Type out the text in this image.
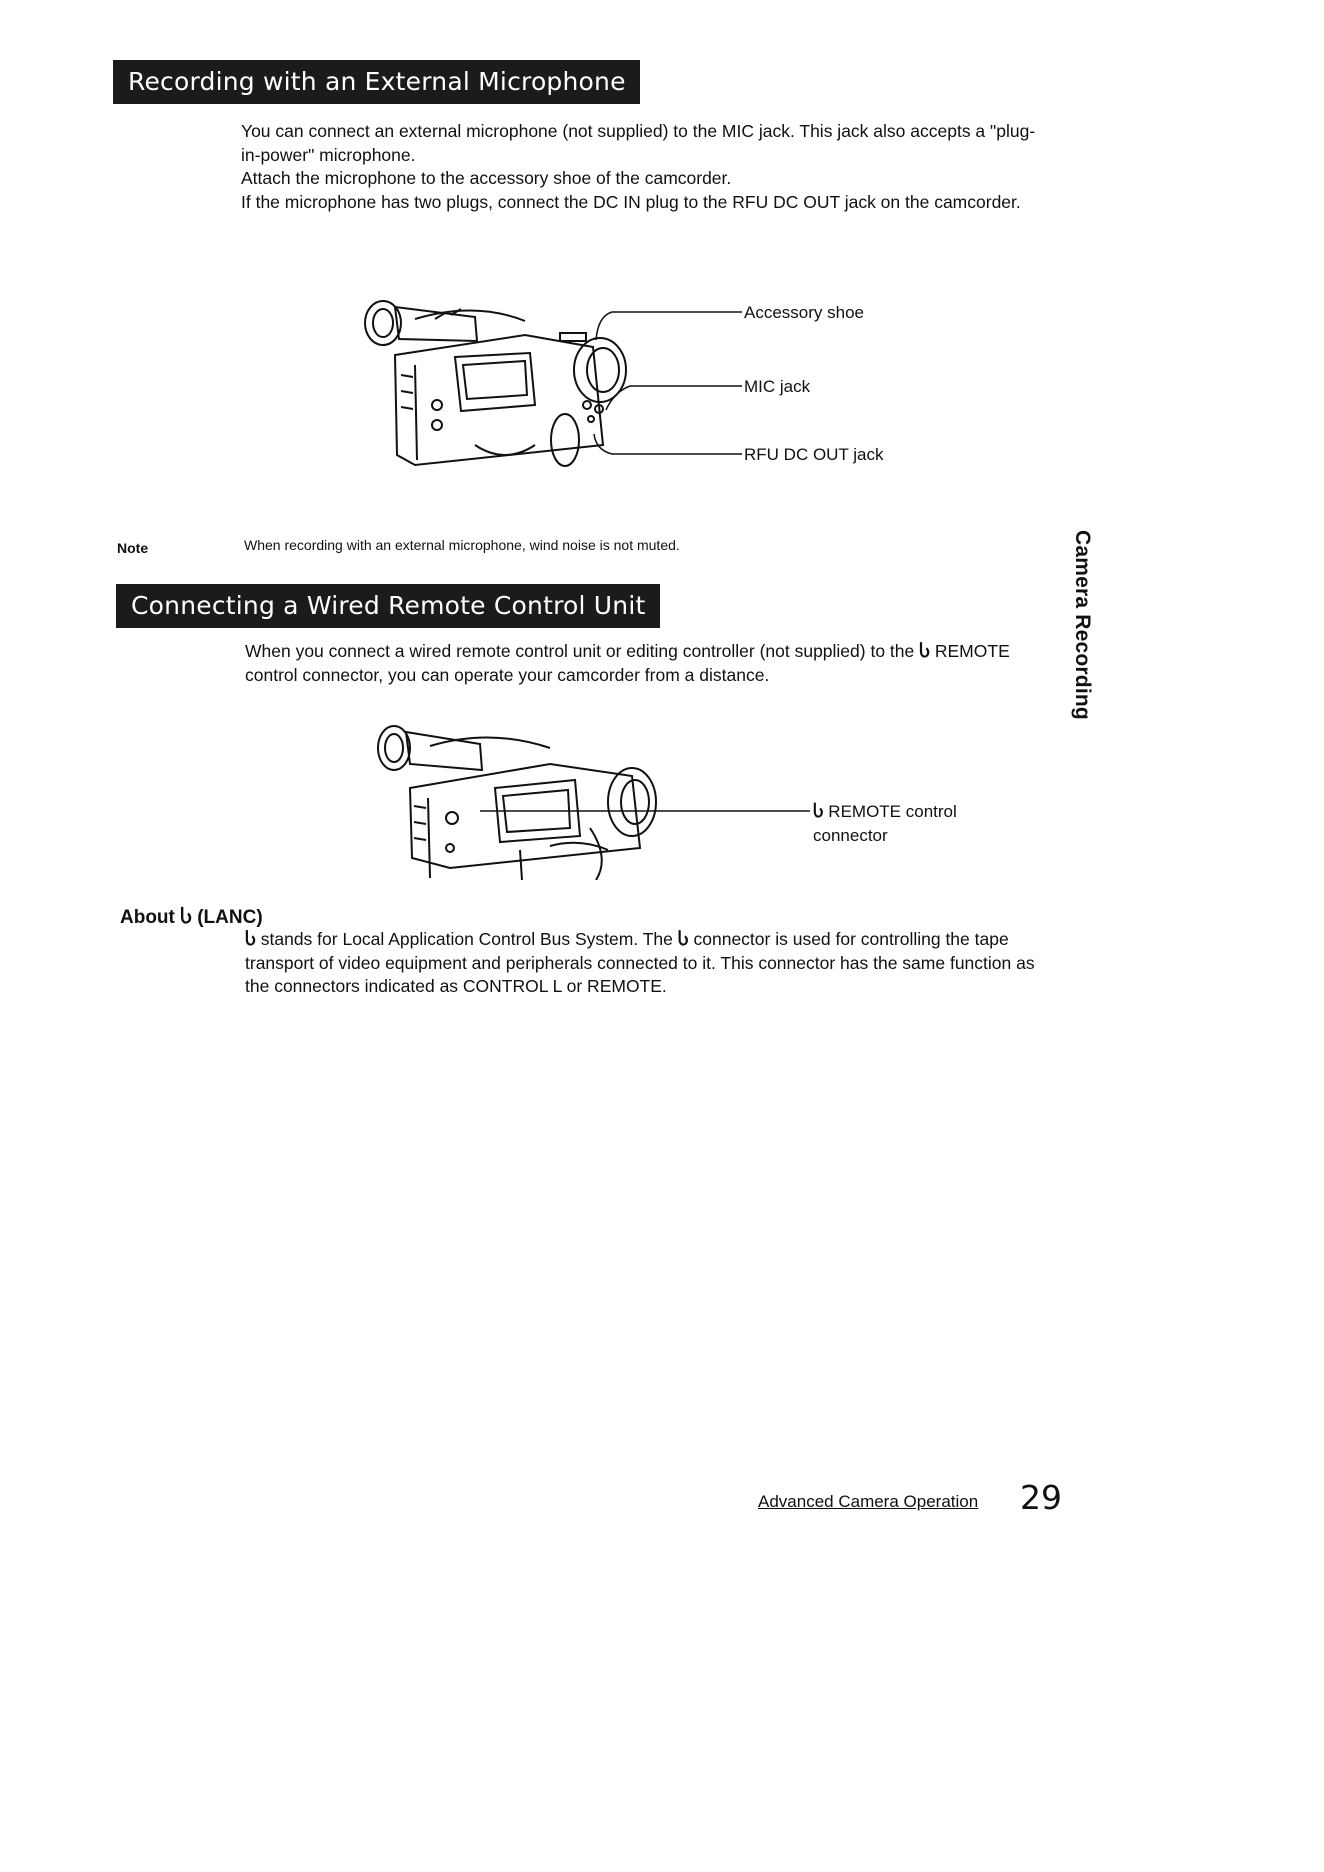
Recording with an External Microphone

You can connect an external microphone (not supplied) to the MIC jack. This jack also accepts a "plug-in-power" microphone.

Attach the microphone to the accessory shoe of the camcorder.

If the microphone has two plugs, connect the DC IN plug to the RFU DC OUT jack on the camcorder.

Accessory shoe
MIC jack
RFU DC OUT jack
Note	When recording with an external microphone, wind noise is not muted.
Connecting a Wired Remote Control Unit
When you connect a wired remote control unit or editing controller (not supplied) to the Ⴑ REMOTE control connector, you can operate your camcorder from a distance.
Ⴑ REMOTE control
connector
About Ⴑ (LANC)
Ⴑ stands for Local Application Control Bus System. The Ⴑ connector is used for controlling the tape transport of video equipment and peripherals connected to it. This connector has the same function as the connectors indicated as CONTROL L or REMOTE.
Camera Recording
Advanced Camera Operation 29
